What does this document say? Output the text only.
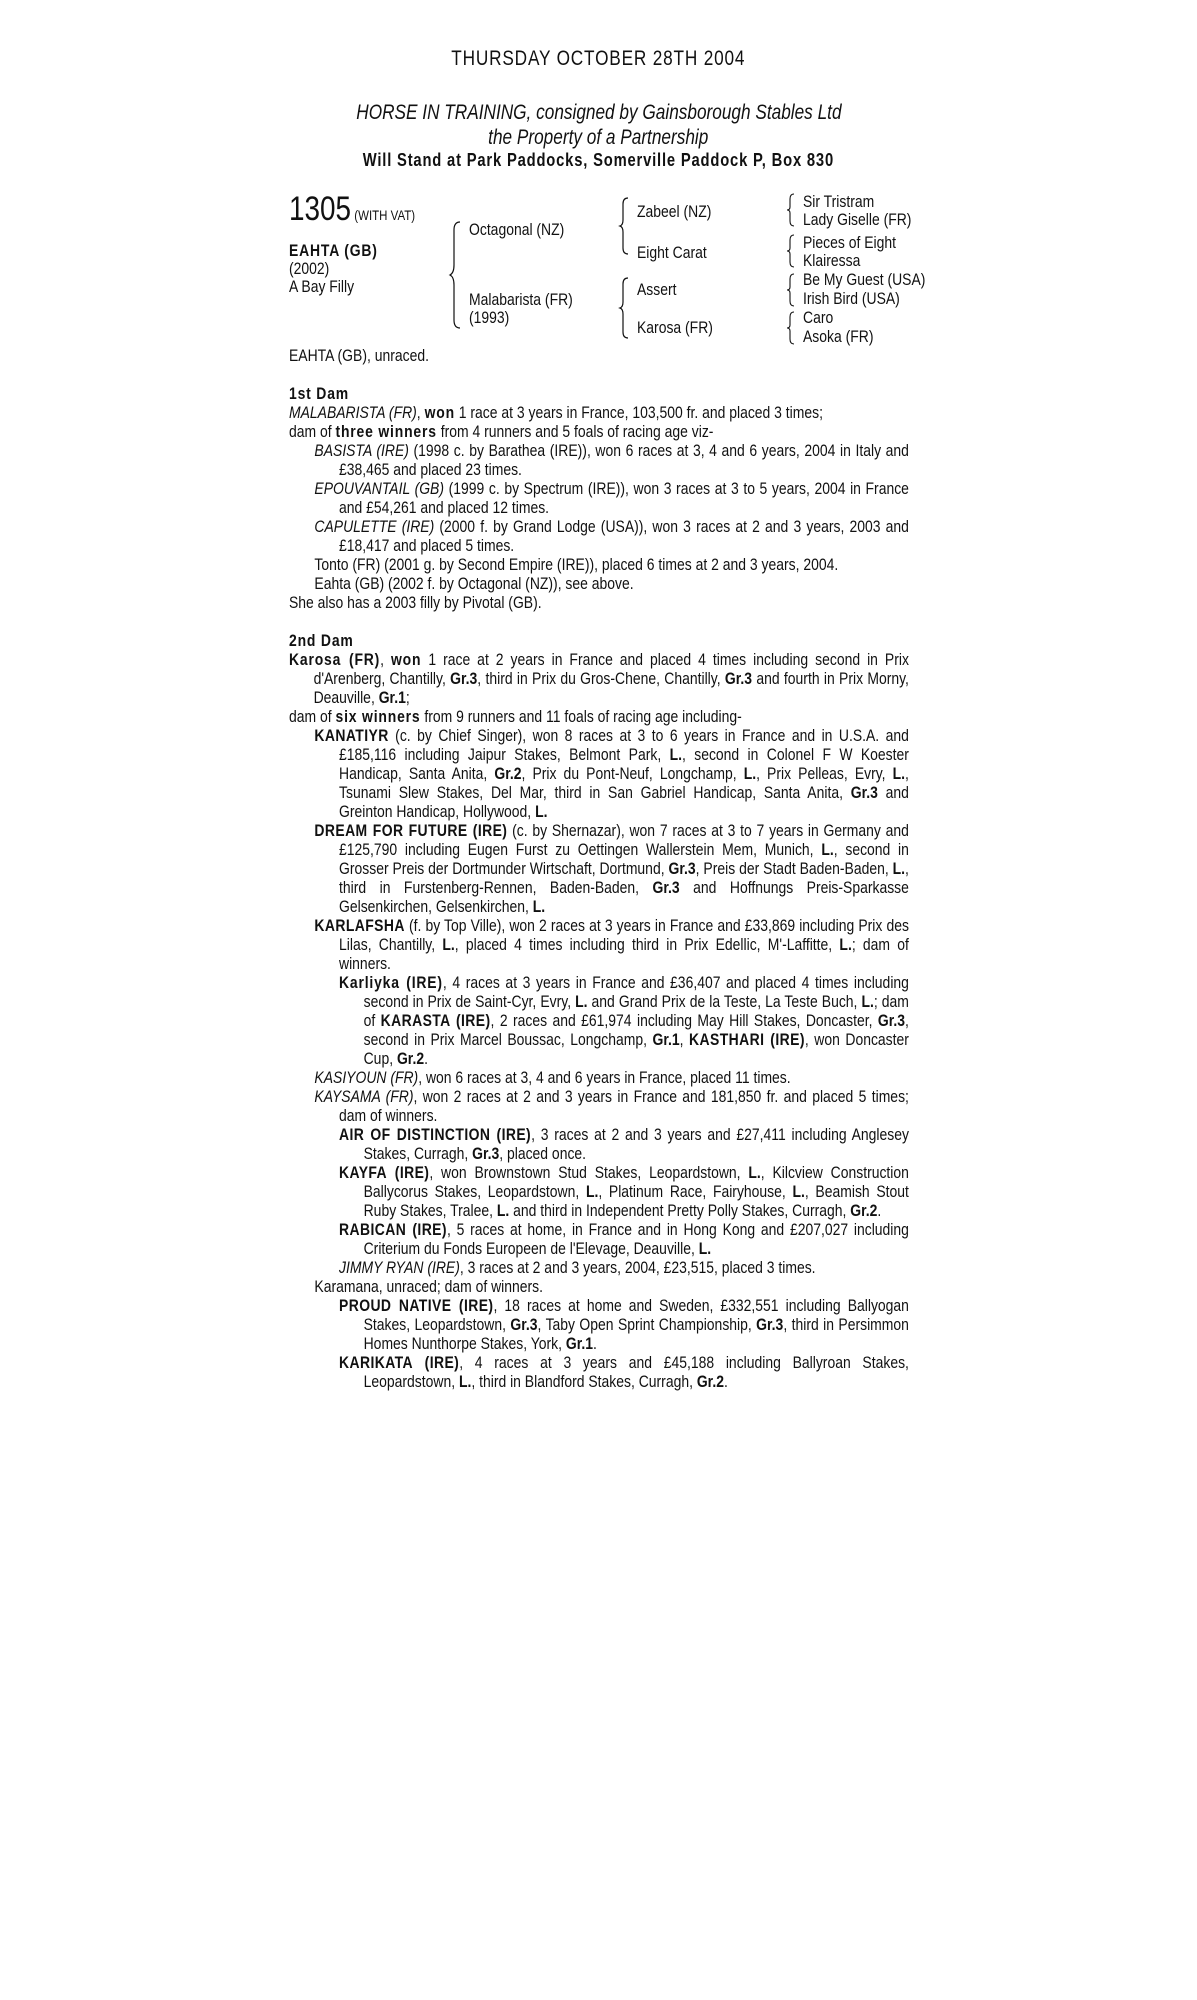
THURSDAY OCTOBER 28TH 2004
HORSE IN TRAINING, consigned by Gainsborough Stables Ltd
the Property of a Partnership
Will Stand at Park Paddocks, Somerville Paddock P, Box 830
1305 (WITH VAT)
EAHTA (GB)
(2002)
A Bay Filly
Octagonal (NZ)
Malabarista (FR)
(1993)
Zabeel (NZ)
Eight Carat
Assert
Karosa (FR)
Sir Tristram
Lady Giselle (FR)
Pieces of Eight
Klairessa
Be My Guest (USA)
Irish Bird (USA)
Caro
Asoka (FR)

EAHTA (GB), unraced.

1st Dam

MALABARISTA (FR), won 1 race at 3 years in France, 103,500 fr. and placed 3 times;

dam of three winners from 4 runners and 5 foals of racing age viz-

BASISTA (IRE) (1998 c. by Barathea (IRE)), won 6 races at 3, 4 and 6 years, 2004 in Italy and £38,465 and placed 23 times.

EPOUVANTAIL (GB) (1999 c. by Spectrum (IRE)), won 3 races at 3 to 5 years, 2004 in France and £54,261 and placed 12 times.

CAPULETTE (IRE) (2000 f. by Grand Lodge (USA)), won 3 races at 2 and 3 years, 2003 and £18,417 and placed 5 times.

Tonto (FR) (2001 g. by Second Empire (IRE)), placed 6 times at 2 and 3 years, 2004.

Eahta (GB) (2002 f. by Octagonal (NZ)), see above.

She also has a 2003 filly by Pivotal (GB).

2nd Dam

Karosa (FR), won 1 race at 2 years in France and placed 4 times including second in Prix d'Arenberg, Chantilly, Gr.3, third in Prix du Gros-Chene, Chantilly, Gr.3 and fourth in Prix Morny, Deauville, Gr.1;

dam of six winners from 9 runners and 11 foals of racing age including-

KANATIYR (c. by Chief Singer), won 8 races at 3 to 6 years in France and in U.S.A. and £185,116 including Jaipur Stakes, Belmont Park, L., second in Colonel F W Koester Handicap, Santa Anita, Gr.2, Prix du Pont-Neuf, Longchamp, L., Prix Pelleas, Evry, L., Tsunami Slew Stakes, Del Mar, third in San Gabriel Handicap, Santa Anita, Gr.3 and Greinton Handicap, Hollywood, L.

DREAM FOR FUTURE (IRE) (c. by Shernazar), won 7 races at 3 to 7 years in Germany and £125,790 including Eugen Furst zu Oettingen Wallerstein Mem, Munich, L., second in Grosser Preis der Dortmunder Wirtschaft, Dortmund, Gr.3, Preis der Stadt Baden-Baden, L., third in Furstenberg-Rennen, Baden-Baden, Gr.3 and Hoffnungs Preis-Sparkasse Gelsenkirchen, Gelsenkirchen, L.

KARLAFSHA (f. by Top Ville), won 2 races at 3 years in France and £33,869 including Prix des Lilas, Chantilly, L., placed 4 times including third in Prix Edellic, M'-Laffitte, L.; dam of winners.

Karliyka (IRE), 4 races at 3 years in France and £36,407 and placed 4 times including second in Prix de Saint-Cyr, Evry, L. and Grand Prix de la Teste, La Teste Buch, L.; dam of KARASTA (IRE), 2 races and £61,974 including May Hill Stakes, Doncaster, Gr.3, second in Prix Marcel Boussac, Longchamp, Gr.1, KASTHARI (IRE), won Doncaster Cup, Gr.2.

KASIYOUN (FR), won 6 races at 3, 4 and 6 years in France, placed 11 times.

KAYSAMA (FR), won 2 races at 2 and 3 years in France and 181,850 fr. and placed 5 times; dam of winners.

AIR OF DISTINCTION (IRE), 3 races at 2 and 3 years and £27,411 including Anglesey Stakes, Curragh, Gr.3, placed once.

KAYFA (IRE), won Brownstown Stud Stakes, Leopardstown, L., Kilcview Construction Ballycorus Stakes, Leopardstown, L., Platinum Race, Fairyhouse, L., Beamish Stout Ruby Stakes, Tralee, L. and third in Independent Pretty Polly Stakes, Curragh, Gr.2.

RABICAN (IRE), 5 races at home, in France and in Hong Kong and £207,027 including Criterium du Fonds Europeen de l'Elevage, Deauville, L.

JIMMY RYAN (IRE), 3 races at 2 and 3 years, 2004, £23,515, placed 3 times.

Karamana, unraced; dam of winners.

PROUD NATIVE (IRE), 18 races at home and Sweden, £332,551 including Ballyogan Stakes, Leopardstown, Gr.3, Taby Open Sprint Championship, Gr.3, third in Persimmon Homes Nunthorpe Stakes, York, Gr.1.

KARIKATA (IRE), 4 races at 3 years and £45,188 including Ballyroan Stakes, Leopardstown, L., third in Blandford Stakes, Curragh, Gr.2.
